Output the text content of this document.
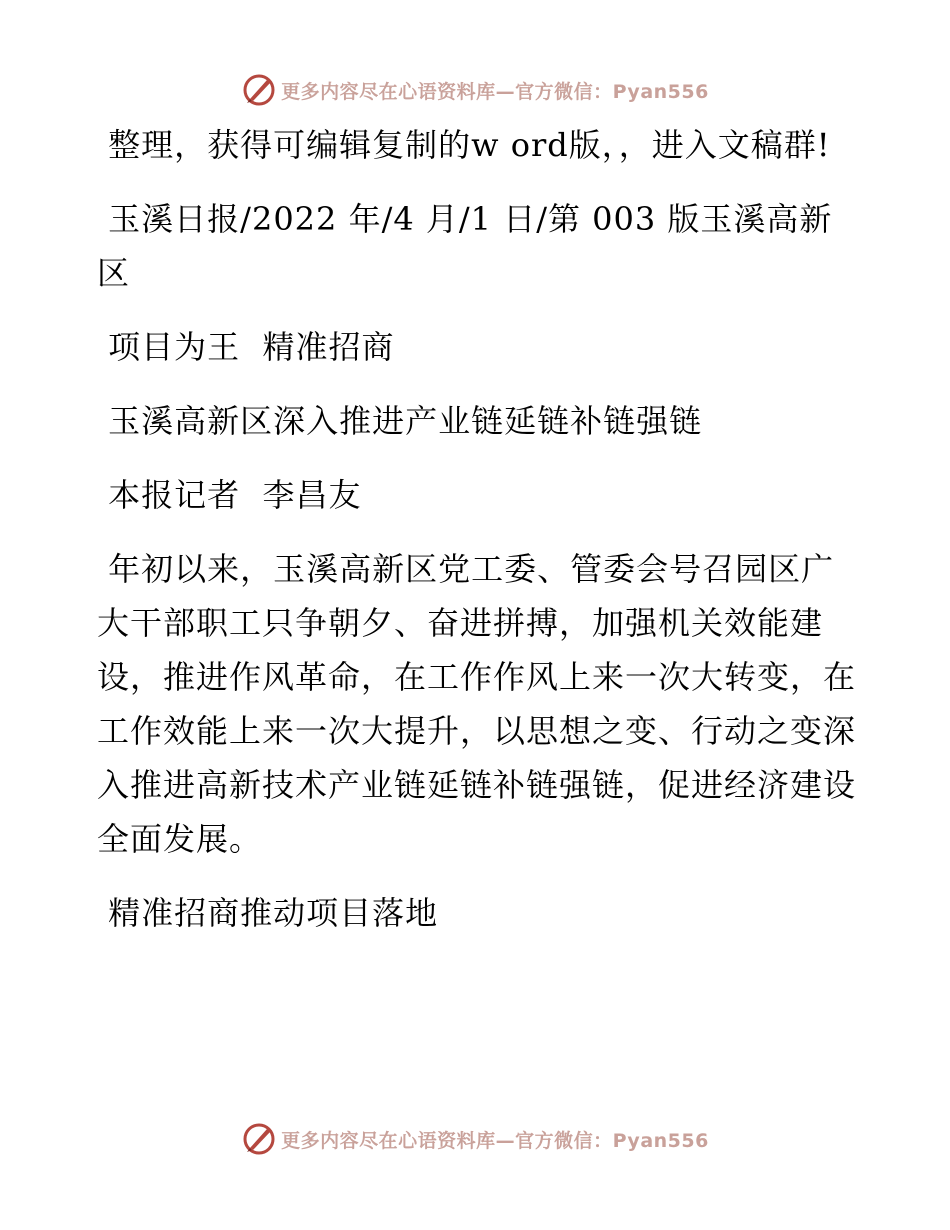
更多内容尽在心语资料库—官方微信：Pyan556

整理，获得可编辑复制的w ord版，，进入文稿群!

玉溪日报/2022 年/4 月/1 日/第 003 版玉溪高新区

项目为王  精准招商

玉溪高新区深入推进产业链延链补链强链

本报记者  李昌友

年初以来，玉溪高新区党工委、管委会号召园区广大干部职工只争朝夕、奋进拼搏，加强机关效能建设，推进作风革命，在工作作风上来一次大转变，在工作效能上来一次大提升，以思想之变、行动之变深入推进高新技术产业链延链补链强链，促进经济建设全面发展。

精准招商推动项目落地

更多内容尽在心语资料库—官方微信：Pyan556
